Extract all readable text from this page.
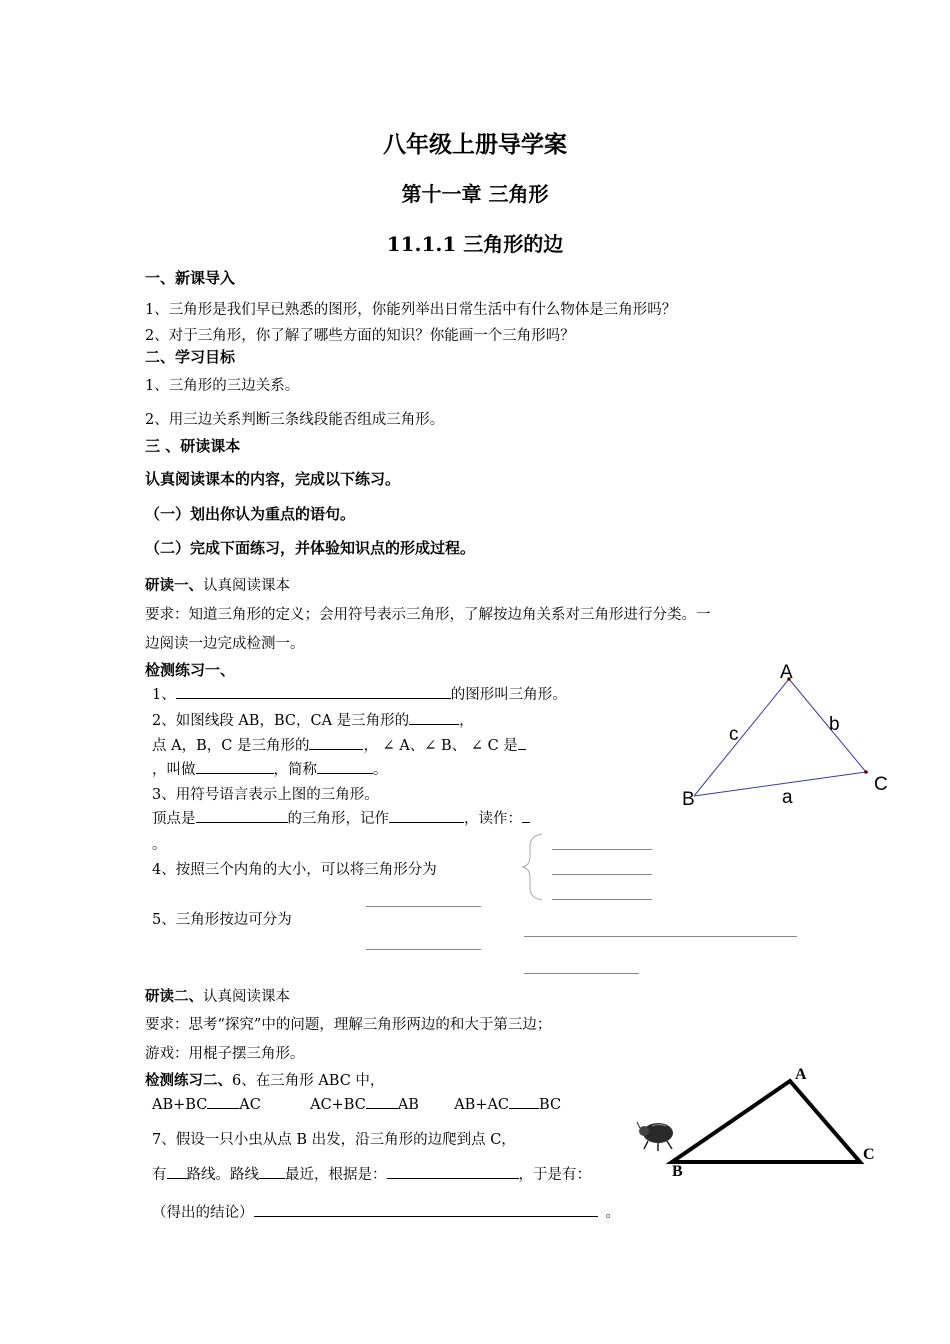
八年级上册导学案
第十一章 三角形
11.1.1 三角形的边
一、新课导入
1、三角形是我们早已熟悉的图形，你能列举出日常生活中有什么物体是三角形吗？
2、对于三角形，你了解了哪些方面的知识？你能画一个三角形吗？
二、学习目标
1、三角形的三边关系。
2、用三边关系判断三条线段能否组成三角形。
三 、研读课本
认真阅读课本的内容，完成以下练习。
（一）划出你认为重点的语句。
（二）完成下面练习，并体验知识点的形成过程。
研读一、认真阅读课本
要求：知道三角形的定义；会用符号表示三角形，了解按边角关系对三角形进行分类。一
边阅读一边完成检测一。
检测练习一、
1、	的图形叫三角形。
2、如图线段 AB，BC，CA 是三角形的	，
点 A，B，C 是三角形的	， ∠ A、∠ B、 ∠ C 是
，叫做	，简称	。
3、用符号语言表示上图的三角形。
顶点是	的三角形，记作	，读作：
。
4、按照三个内角的大小，可以将三角形分为
5、三角形按边可分为
A
B
C
a
b
c
研读二、认真阅读课本
要求：思考“探究”中的问题，理解三角形两边的和大于第三边；
游戏：用棍子摆三角形。
检测练习二、6、在三角形 ABC 中，
AB+BC AC	AC+BC AB AB+AC BC
7、假设一只小虫从点 B 出发，沿三角形的边爬到点 C，
有 路线。路线 最近，根据是：	，于是有：
（得出的结论）	。
A
B
C
